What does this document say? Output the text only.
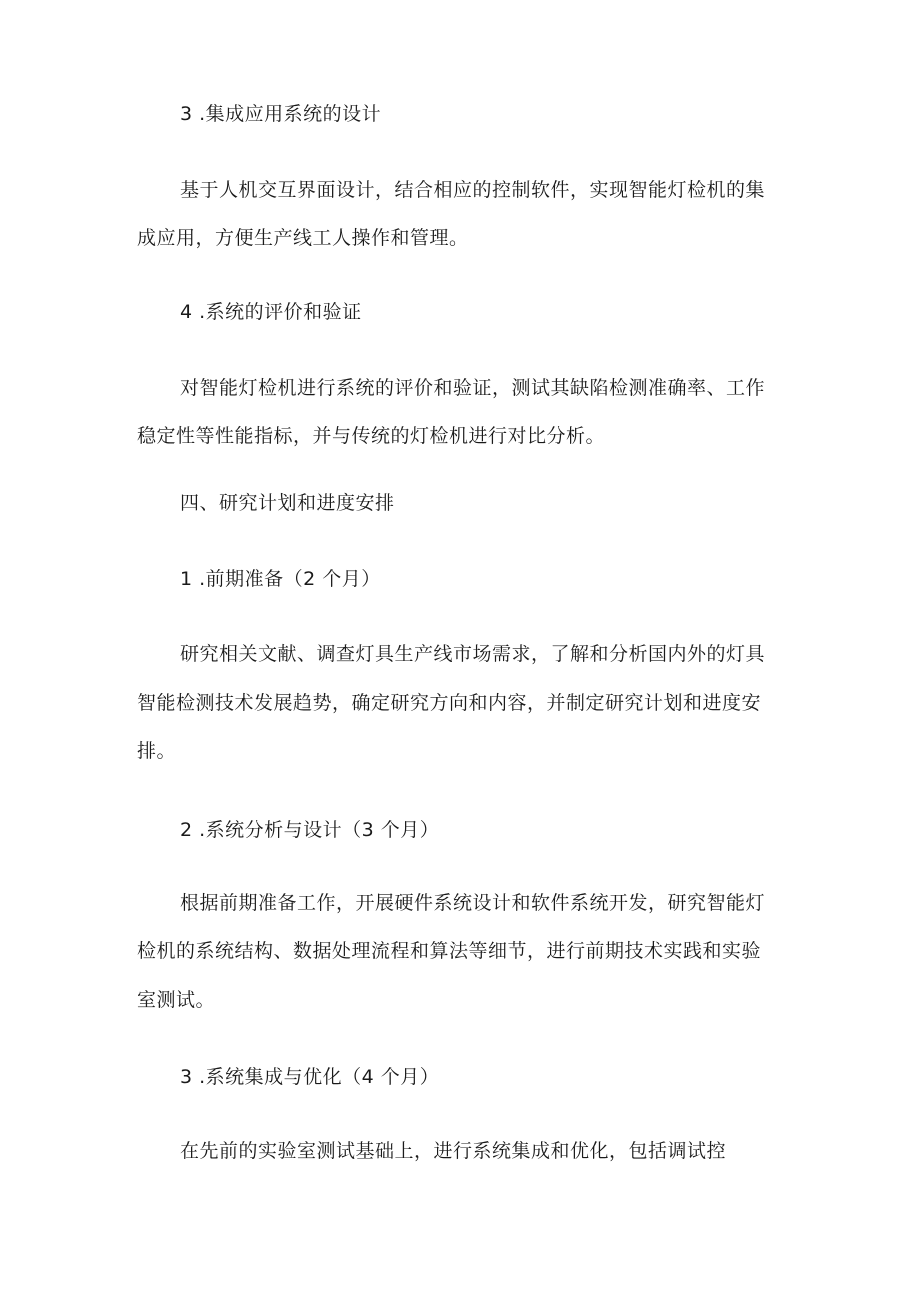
3 .集成应用系统的设计
基于人机交互界面设计，结合相应的控制软件，实现智能灯检机的集
成应用，方便生产线工人操作和管理。
4 .系统的评价和验证
对智能灯检机进行系统的评价和验证，测试其缺陷检测准确率、工作
稳定性等性能指标，并与传统的灯检机进行对比分析。
四、研究计划和进度安排
1 .前期准备（2 个月）
研究相关文献、调查灯具生产线市场需求，了解和分析国内外的灯具
智能检测技术发展趋势，确定研究方向和内容，并制定研究计划和进度安
排。
2 .系统分析与设计（3 个月）
根据前期准备工作，开展硬件系统设计和软件系统开发，研究智能灯
检机的系统结构、数据处理流程和算法等细节，进行前期技术实践和实验
室测试。
3 .系统集成与优化（4 个月）
在先前的实验室测试基础上，进行系统集成和优化，包括调试控
